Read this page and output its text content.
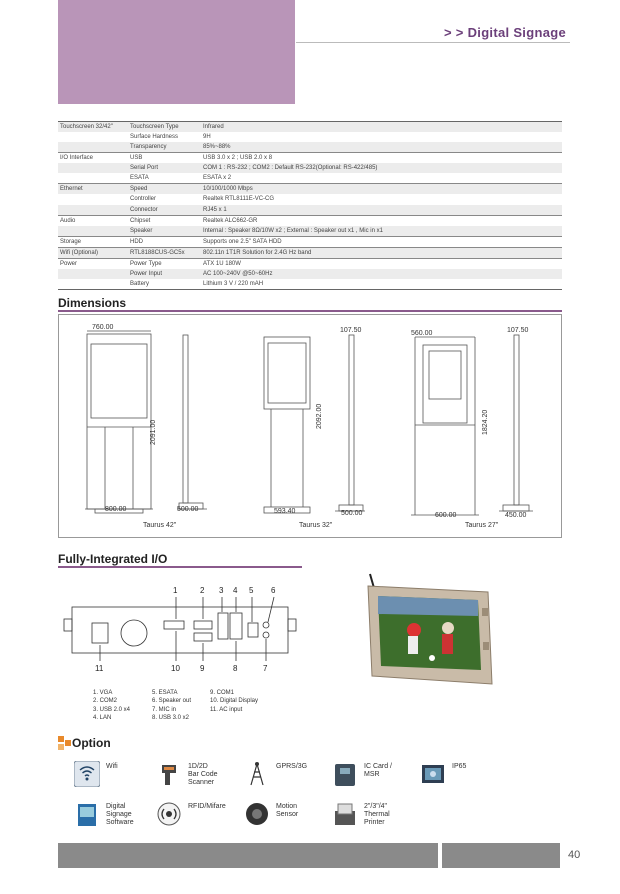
> > Digital Signage
Touchscreen 32/42"	Touchscreen Type	Infrared
	Surface Hardness	9H
	Transparency	85%~88%
I/O Interface	USB	USB 3.0 x 2 ; USB 2.0 x 8
	Serial Port	COM 1 : RS-232 ; COM2 : Default RS-232(Optional: RS-422/485)
	ESATA	ESATA x 2
Ethernet	Speed	10/100/1000 Mbps
	Controller	Realtek RTL8111E-VC-CG
	Connector	RJ45 x 1
Audio	Chipset	Realtek ALC662-GR
	Speaker	Internal : Speaker 8Ω/10W x2 ; External : Speaker out x1 , Mic in x1
Storage	HDD	Supports one 2.5" SATA HDD
Wifi (Optional)	RTL8188CUS-GC5x	802.11n 1T1R Solution for 2.4G Hz band
Power	Power Type	ATX 1U 180W
	Power Input	AC 100~240V @50~60Hz
	Battery	Lithium 3 V / 220 mAH
Dimensions
760.00
2091.00
800.00	500.00
Taurus 42"
107.50
2092.00
593.40	500.00
Taurus 32"
560.00	107.50
1824.20
600.00	450.00
Taurus 27"
Fully-Integrated I/O
1	2 3 4 5 6
11	10	9	8	7
1. VGA
2. COM2
3. USB 2.0 x4
4. LAN
5. ESATA
6. Speaker out
7. MIC in
8. USB 3.0 x2
9. COM1
10. Digital Display
11. AC input
Option
Wifi	1D/2D
Bar Code
Scanner
GPRS/3G	IC Card /
MSR
IP65
Digital
Signage
Software
RFID/Mifare	Motion
Sensor
2"/3"/4"
Thermal
Printer
40
